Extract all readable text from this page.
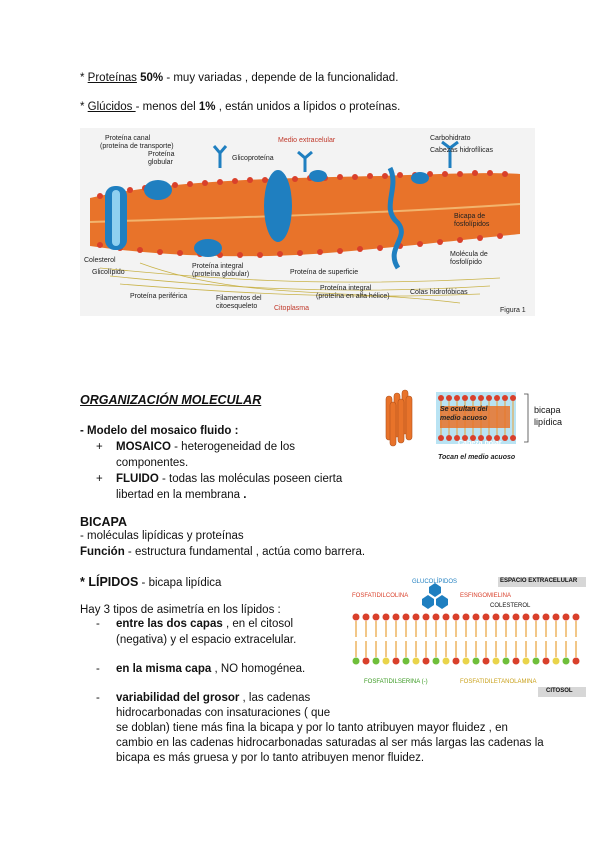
* Proteínas 50% - muy variadas , depende de la funcionalidad.
* Glúcidos - menos del 1% , están unidos a lípidos o proteínas.
Proteína canal
(proteína de transporte)
Proteína
globular
Glicoproteína
Medio extracelular	Carbohidrato
Cabezas hidrofílicas
Bicapa de
fosfolípidos
Molécula de
fosfolípido
Colesterol
Glicolípido
Proteína integral
(proteína globular)	Proteína de superficie
Proteína integral
(proteína en alfa hélice)
Colas hidrofóbicas
Proteína periférica	Filamentos del
citoesqueleto Citoplasma	Figura 1
ORGANIZACIÓN MOLECULAR
- Modelo del mosaico fluido :
+ MOSAICO - heterogeneidad de los
componentes.
+ FLUIDO - todas las moléculas poseen cierta
libertad en la membrana .
Se ocultan del
medio acuoso
Cabeza polar
Tocan el medio acuoso
bicapa
lipídica
BICAPA
- moléculas lipídicas y proteínas
Función - estructura fundamental , actúa como barrera.
* LÍPIDOS - bicapa lipídica
Hay 3 tipos de asimetría en los lípidos :
- entre las dos capas , en el citosol
(negativa) y el espacio extracelular.
- en la misma capa , NO homogénea.
- variabilidad del grosor , las cadenas
hidrocarbonadas con insaturaciones ( que
se doblan) tiene más fina la bicapa y por lo tanto atribuyen mayor fluidez , en
cambio en las cadenas hidrocarbonadas saturadas al ser más largas las cadenas la
bicapa es más gruesa y por lo tanto atribuyen menor fluidez.
ESPACIO EXTRACELULAR
GLUCOLÍPIDOS
FOSFATIDILCOLINA	ESFINGOMIELINA
COLESTEROL
FOSFATIDILSERINA (-)	FOSFATIDILETANOLAMINA
CITOSOL
